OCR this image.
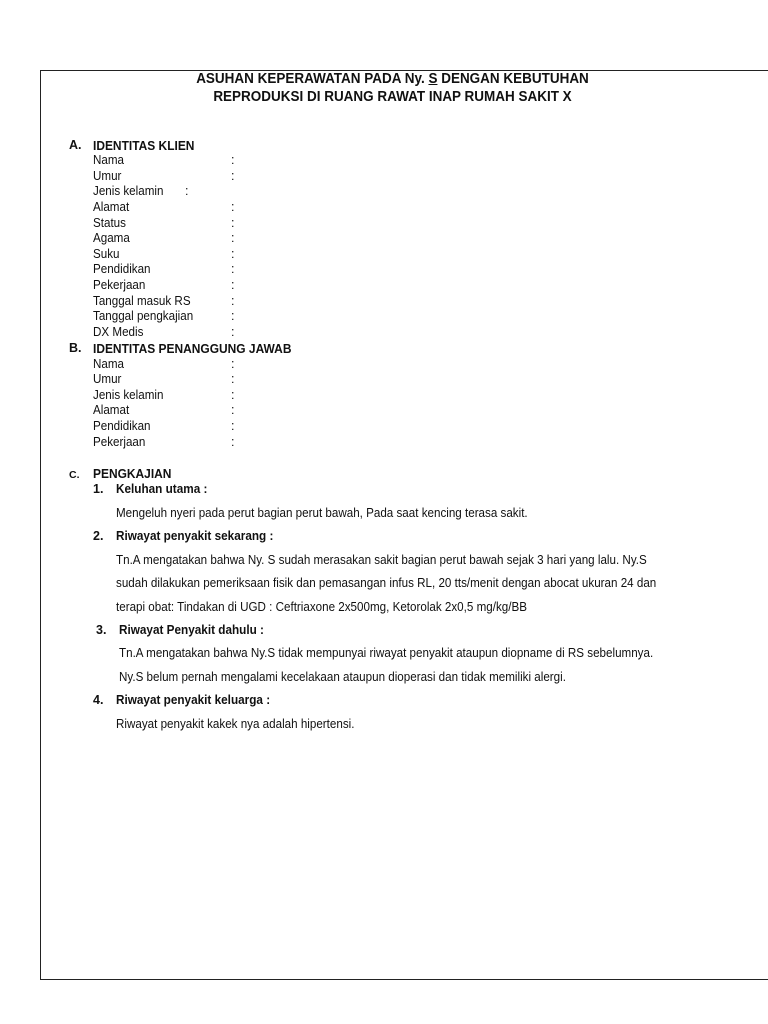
ASUHAN KEPERAWATAN PADA Ny. S DENGAN KEBUTUHAN
REPRODUKSI DI RUANG RAWAT INAP RUMAH SAKIT X
A. IDENTITAS KLIEN
Nama	:
Umur	:
Jenis kelamin :
Alamat	:
Status	:
Agama	:
Suku	:
Pendidikan	:
Pekerjaan	:
Tanggal masuk RS	:
Tanggal pengkajian	:
DX Medis	:
B. IDENTITAS PENANGGUNG JAWAB
Nama	:
Umur	:
Jenis kelamin	:
Alamat	:
Pendidikan	:
Pekerjaan	:
C. PENGKAJIAN
1. Keluhan utama :
Mengeluh nyeri pada perut bagian perut bawah, Pada saat kencing terasa sakit.
2. Riwayat penyakit sekarang :
Tn.A mengatakan bahwa Ny. S sudah merasakan sakit bagian perut bawah sejak 3 hari yang lalu. Ny.S
sudah dilakukan pemeriksaan fisik dan pemasangan infus RL, 20 tts/menit dengan abocat ukuran 24 dan
terapi obat: Tindakan di UGD : Ceftriaxone 2x500mg, Ketorolak 2x0,5 mg/kg/BB
3. Riwayat Penyakit dahulu :
Tn.A mengatakan bahwa Ny.S tidak mempunyai riwayat penyakit ataupun diopname di RS sebelumnya.
Ny.S belum pernah mengalami kecelakaan ataupun dioperasi dan tidak memiliki alergi.
4. Riwayat penyakit keluarga :
Riwayat penyakit kakek nya adalah hipertensi.
